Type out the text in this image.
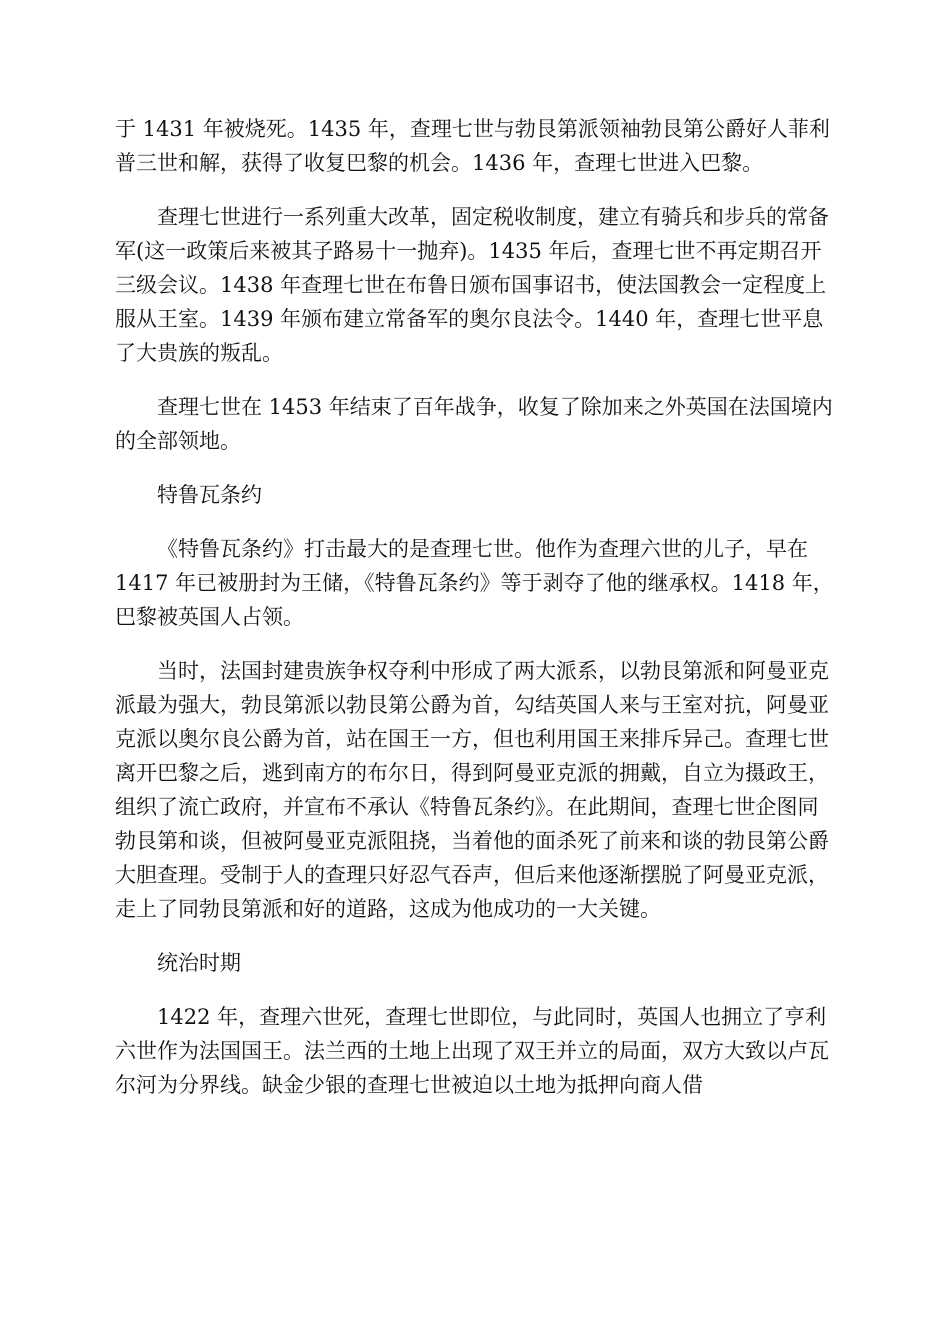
于 1431 年被烧死。1435 年，查理七世与勃艮第派领袖勃艮第公爵好人菲利普三世和解，获得了收复巴黎的机会。1436 年，查理七世进入巴黎。

查理七世进行一系列重大改革，固定税收制度，建立有骑兵和步兵的常备军(这一政策后来被其子路易十一抛弃)。1435 年后，查理七世不再定期召开三级会议。1438 年查理七世在布鲁日颁布国事诏书，使法国教会一定程度上服从王室。1439 年颁布建立常备军的奥尔良法令。1440 年，查理七世平息了大贵族的叛乱。

查理七世在 1453 年结束了百年战争，收复了除加来之外英国在法国境内的全部领地。

特鲁瓦条约

《特鲁瓦条约》打击最大的是查理七世。他作为查理六世的儿子，早在 1417 年已被册封为王储，《特鲁瓦条约》等于剥夺了他的继承权。1418 年，巴黎被英国人占领。

当时，法国封建贵族争权夺利中形成了两大派系，以勃艮第派和阿曼亚克派最为强大，勃艮第派以勃艮第公爵为首，勾结英国人来与王室对抗，阿曼亚克派以奥尔良公爵为首，站在国王一方，但也利用国王来排斥异己。查理七世离开巴黎之后，逃到南方的布尔日，得到阿曼亚克派的拥戴，自立为摄政王，组织了流亡政府，并宣布不承认《特鲁瓦条约》。在此期间，查理七世企图同勃艮第和谈，但被阿曼亚克派阻挠，当着他的面杀死了前来和谈的勃艮第公爵大胆查理。受制于人的查理只好忍气吞声，但后来他逐渐摆脱了阿曼亚克派，走上了同勃艮第派和好的道路，这成为他成功的一大关键。

统治时期

1422 年，查理六世死，查理七世即位，与此同时，英国人也拥立了亨利六世作为法国国王。法兰西的土地上出现了双王并立的局面，双方大致以卢瓦尔河为分界线。缺金少银的查理七世被迫以土地为抵押向商人借
